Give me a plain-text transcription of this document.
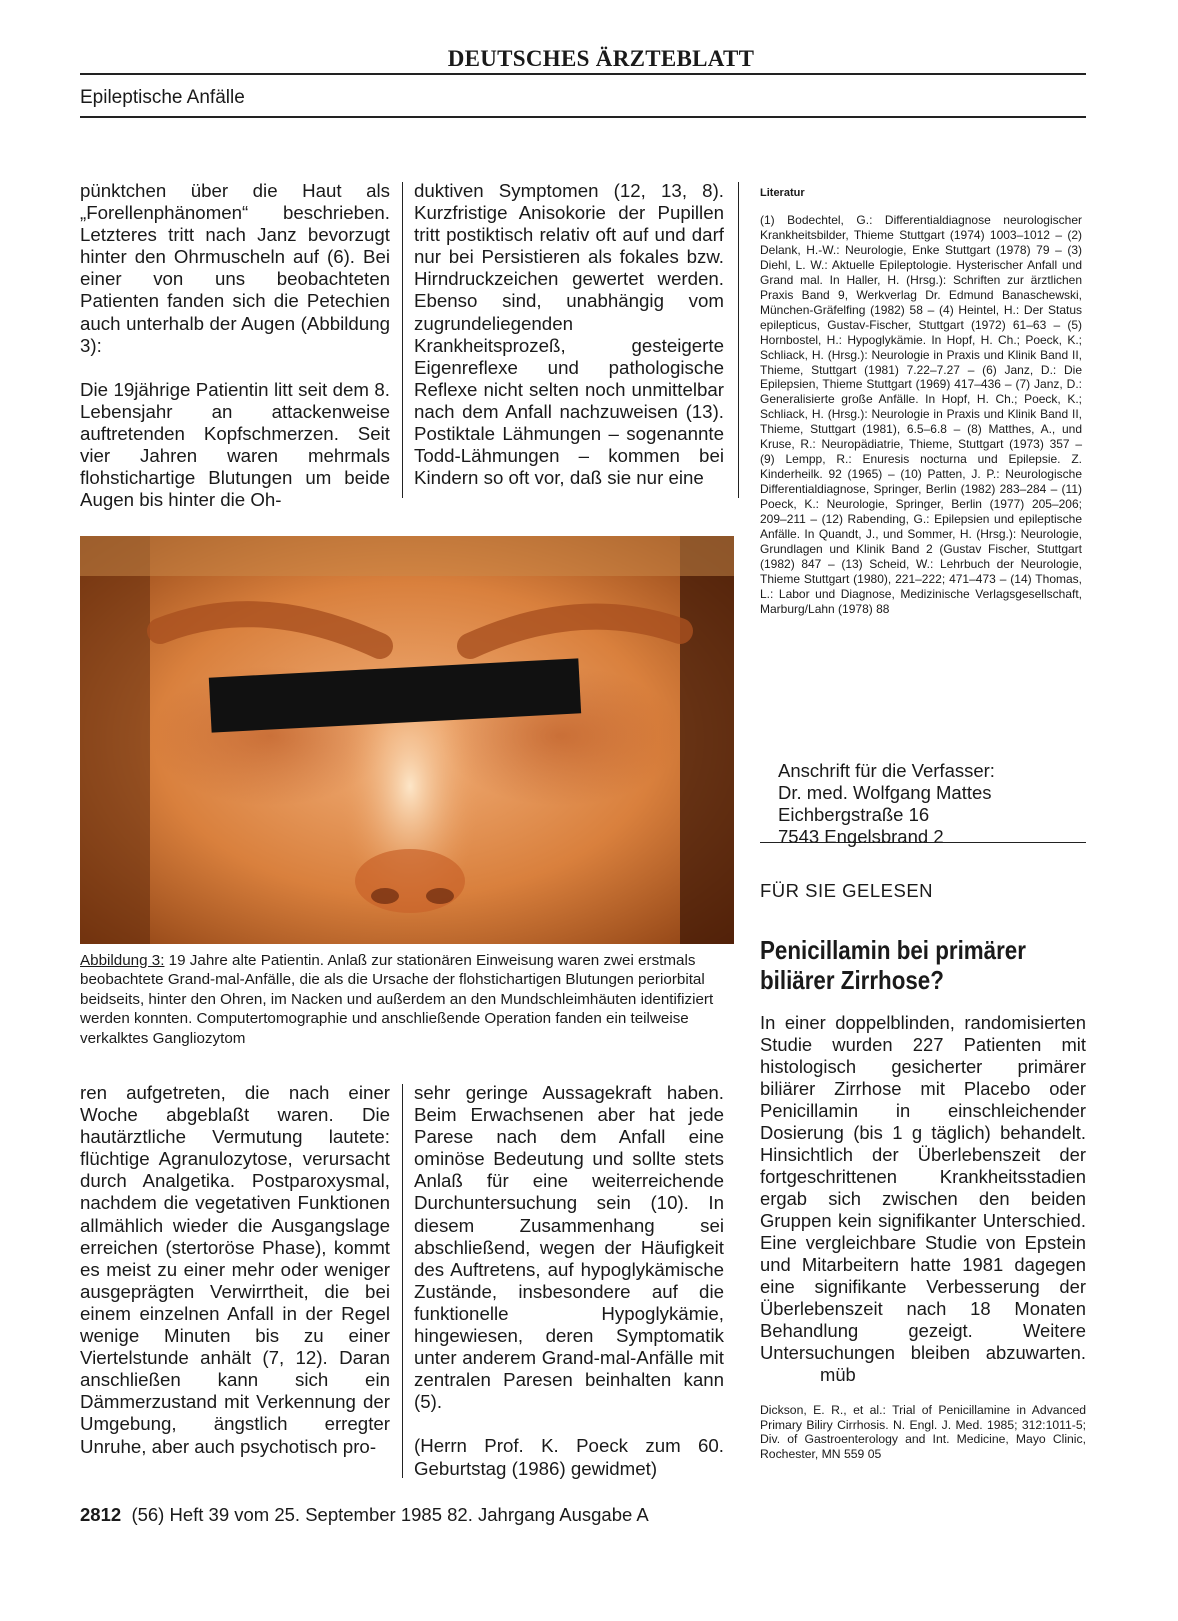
DEUTSCHES ÄRZTEBLATT
Epileptische Anfälle

pünktchen über die Haut als „Forellenphänomen“ beschrieben. Letzteres tritt nach Janz bevorzugt hinter den Ohrmuscheln auf (6). Bei einer von uns beobachteten Patienten fanden sich die Petechien auch unterhalb der Augen (Abbildung 3):

Die 19jährige Patientin litt seit dem 8. Lebensjahr an attackenweise auftretenden Kopfschmerzen. Seit vier Jahren waren mehrmals flohstichartige Blutungen um beide Augen bis hinter die Oh-

duktiven Symptomen (12, 13, 8). Kurzfristige Anisokorie der Pupillen tritt postiktisch relativ oft auf und darf nur bei Persistieren als fokales bzw. Hirndruckzeichen gewertet werden. Ebenso sind, unabhängig vom zugrundeliegenden Krankheitsprozeß, gesteigerte Eigenreflexe und pathologische Reflexe nicht selten noch unmittelbar nach dem Anfall nachzuweisen (13). Postiktale Lähmungen – sogenannte Todd-Lähmungen – kommen bei Kindern so oft vor, daß sie nur eine

Literatur

(1) Bodechtel, G.: Differentialdiagnose neurologischer Krankheitsbilder, Thieme Stuttgart (1974) 1003–1012 – (2) Delank, H.-W.: Neurologie, Enke Stuttgart (1978) 79 – (3) Diehl, L. W.: Aktuelle Epileptologie. Hysterischer Anfall und Grand mal. In Haller, H. (Hrsg.): Schriften zur ärztlichen Praxis Band 9, Werkverlag Dr. Edmund Banaschewski, München-Gräfelfing (1982) 58 – (4) Heintel, H.: Der Status epilepticus, Gustav-Fischer, Stuttgart (1972) 61–63 – (5) Hornbostel, H.: Hypoglykämie. In Hopf, H. Ch.; Poeck, K.; Schliack, H. (Hrsg.): Neurologie in Praxis und Klinik Band II, Thieme, Stuttgart (1981) 7.22–7.27 – (6) Janz, D.: Die Epilepsien, Thieme Stuttgart (1969) 417–436 – (7) Janz, D.: Generalisierte große Anfälle. In Hopf, H. Ch.; Poeck, K.; Schliack, H. (Hrsg.): Neurologie in Praxis und Klinik Band II, Thieme, Stuttgart (1981), 6.5–6.8 – (8) Matthes, A., und Kruse, R.: Neuropädiatrie, Thieme, Stuttgart (1973) 357 – (9) Lempp, R.: Enuresis nocturna und Epilepsie. Z. Kinderheilk. 92 (1965) – (10) Patten, J. P.: Neurologische Differentialdiagnose, Springer, Berlin (1982) 283–284 – (11) Poeck, K.: Neurologie, Springer, Berlin (1977) 205–206; 209–211 – (12) Rabending, G.: Epilepsien und epileptische Anfälle. In Quandt, J., und Sommer, H. (Hrsg.): Neurologie, Grundlagen und Klinik Band 2 (Gustav Fischer, Stuttgart (1982) 847 – (13) Scheid, W.: Lehrbuch der Neurologie, Thieme Stuttgart (1980), 221–222; 471–473 – (14) Thomas, L.: Labor und Diagnose, Medizinische Verlagsgesellschaft, Marburg/Lahn (1978) 88

Anschrift für die Verfasser:
Dr. med. Wolfgang Mattes
Eichbergstraße 16
7543 Engelsbrand 2
FÜR SIE GELESEN
Penicillamin bei primärer
biliärer Zirrhose?

In einer doppelblinden, randomisierten Studie wurden 227 Patienten mit histologisch gesicherter primärer biliärer Zirrhose mit Placebo oder Penicillamin in einschleichender Dosierung (bis 1 g täglich) behandelt. Hinsichtlich der Überlebenszeit der fortgeschrittenen Krankheitsstadien ergab sich zwischen den beiden Gruppen kein signifikanter Unterschied. Eine vergleichbare Studie von Epstein und Mitarbeitern hatte 1981 dagegen eine signifikante Verbesserung der Überlebenszeit nach 18 Monaten Behandlung gezeigt. Weitere Untersuchungen bleiben abzuwarten.müb

Dickson, E. R., et al.: Trial of Penicillamine in Advanced Primary Biliry Cirrhosis. N. Engl. J. Med. 1985; 312:1011-5; Div. of Gastroenterology and Int. Medicine, Mayo Clinic, Rochester, MN 559 05
Abbildung 3: 19 Jahre alte Patientin. Anlaß zur stationären Einweisung waren zwei erstmals beobachtete Grand-mal-Anfälle, die als die Ursache der flohstichartigen Blutungen periorbital beidseits, hinter den Ohren, im Nacken und außerdem an den Mundschleimhäuten identifiziert werden konnten. Computertomographie und anschließende Operation fanden ein teilweise verkalktes Gangliozytom

ren aufgetreten, die nach einer Woche abgeblaßt waren. Die hautärztliche Vermutung lautete: flüchtige Agranulozytose, verursacht durch Analgetika. Postparoxysmal, nachdem die vegetativen Funktionen allmählich wieder die Ausgangslage erreichen (stertoröse Phase), kommt es meist zu einer mehr oder weniger ausgeprägten Verwirrtheit, die bei einem einzelnen Anfall in der Regel wenige Minuten bis zu einer Viertelstunde anhält (7, 12). Daran anschließen kann sich ein Dämmerzustand mit Verkennung der Umgebung, ängstlich erregter Unruhe, aber auch psychotisch pro-

sehr geringe Aussagekraft haben. Beim Erwachsenen aber hat jede Parese nach dem Anfall eine ominöse Bedeutung und sollte stets Anlaß für eine weiterreichende Durchuntersuchung sein (10). In diesem Zusammenhang sei abschließend, wegen der Häufigkeit des Auftretens, auf hypoglykämische Zustände, insbesondere auf die funktionelle Hypoglykämie, hingewiesen, deren Symptomatik unter anderem Grand-mal-Anfälle mit zentralen Paresen beinhalten kann (5).

(Herrn Prof. K. Poeck zum 60. Geburtstag (1986) gewidmet)

2812 (56) Heft 39 vom 25. September 1985 82. Jahrgang Ausgabe A
